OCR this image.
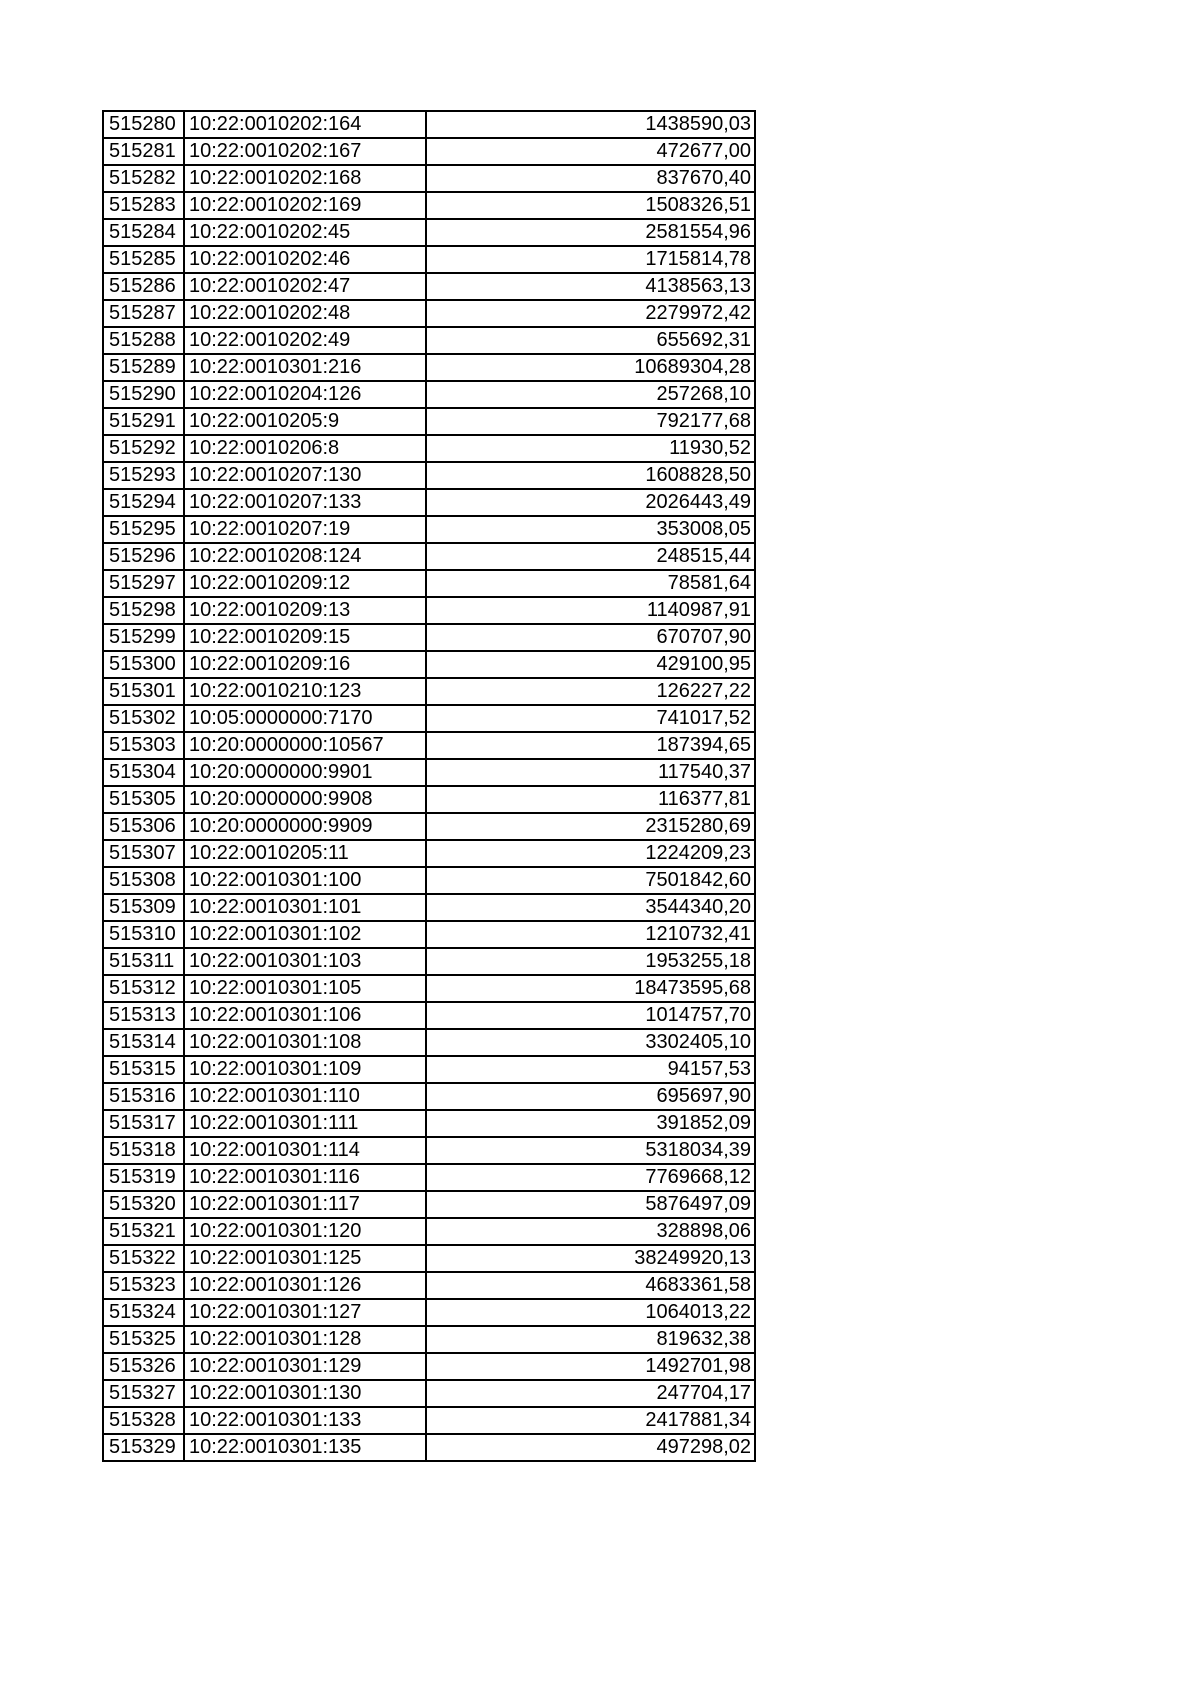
515280	10:22:0010202:164	1438590,03
515281	10:22:0010202:167	472677,00
515282	10:22:0010202:168	837670,40
515283	10:22:0010202:169	1508326,51
515284	10:22:0010202:45	2581554,96
515285	10:22:0010202:46	1715814,78
515286	10:22:0010202:47	4138563,13
515287	10:22:0010202:48	2279972,42
515288	10:22:0010202:49	655692,31
515289	10:22:0010301:216	10689304,28
515290	10:22:0010204:126	257268,10
515291	10:22:0010205:9	792177,68
515292	10:22:0010206:8	11930,52
515293	10:22:0010207:130	1608828,50
515294	10:22:0010207:133	2026443,49
515295	10:22:0010207:19	353008,05
515296	10:22:0010208:124	248515,44
515297	10:22:0010209:12	78581,64
515298	10:22:0010209:13	1140987,91
515299	10:22:0010209:15	670707,90
515300	10:22:0010209:16	429100,95
515301	10:22:0010210:123	126227,22
515302	10:05:0000000:7170	741017,52
515303	10:20:0000000:10567	187394,65
515304	10:20:0000000:9901	117540,37
515305	10:20:0000000:9908	116377,81
515306	10:20:0000000:9909	2315280,69
515307	10:22:0010205:11	1224209,23
515308	10:22:0010301:100	7501842,60
515309	10:22:0010301:101	3544340,20
515310	10:22:0010301:102	1210732,41
515311	10:22:0010301:103	1953255,18
515312	10:22:0010301:105	18473595,68
515313	10:22:0010301:106	1014757,70
515314	10:22:0010301:108	3302405,10
515315	10:22:0010301:109	94157,53
515316	10:22:0010301:110	695697,90
515317	10:22:0010301:111	391852,09
515318	10:22:0010301:114	5318034,39
515319	10:22:0010301:116	7769668,12
515320	10:22:0010301:117	5876497,09
515321	10:22:0010301:120	328898,06
515322	10:22:0010301:125	38249920,13
515323	10:22:0010301:126	4683361,58
515324	10:22:0010301:127	1064013,22
515325	10:22:0010301:128	819632,38
515326	10:22:0010301:129	1492701,98
515327	10:22:0010301:130	247704,17
515328	10:22:0010301:133	2417881,34
515329	10:22:0010301:135	497298,02
